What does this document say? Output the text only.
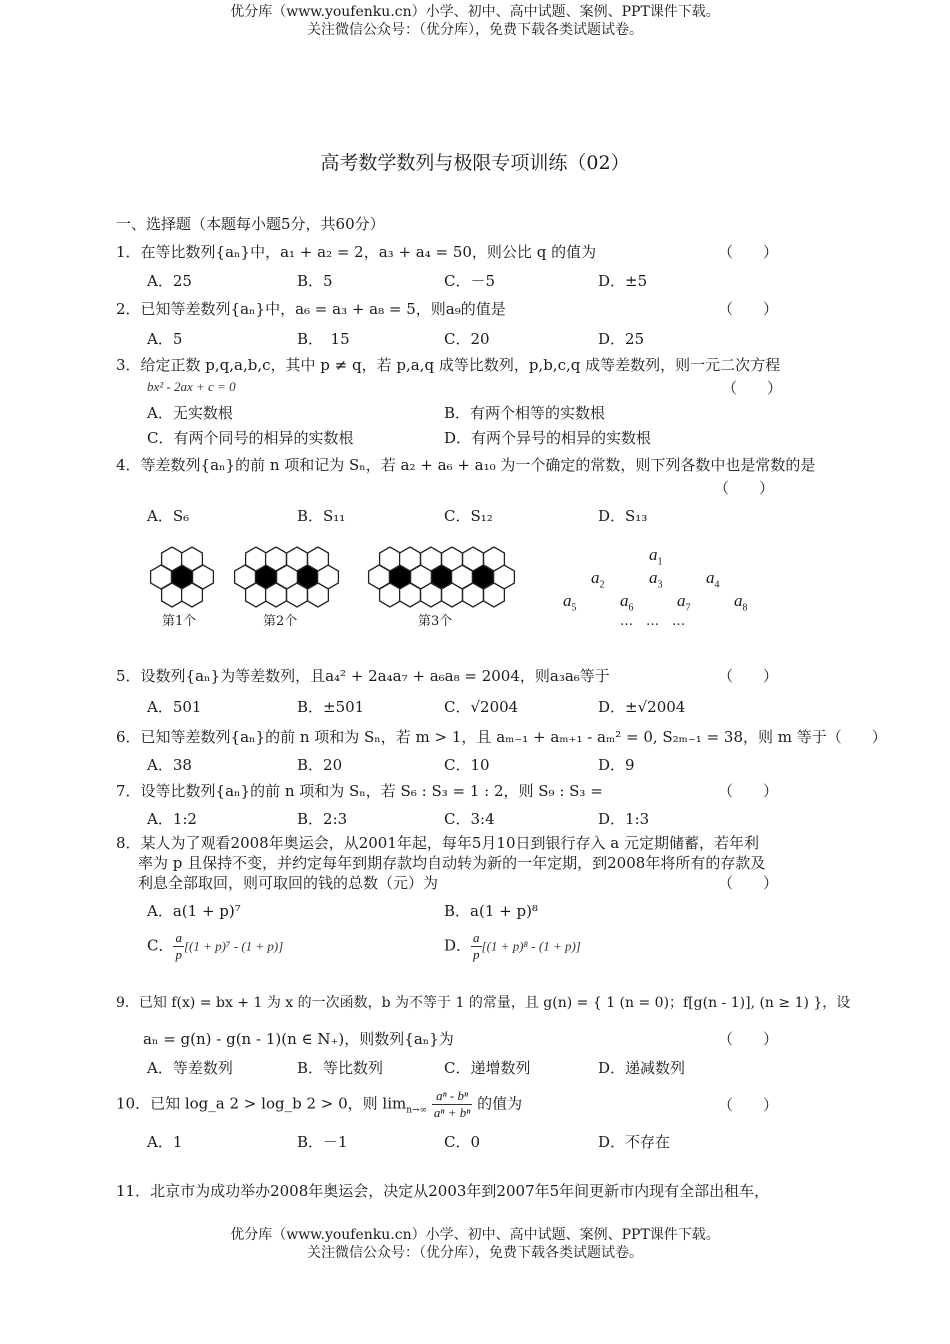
优分库（www.youfenku.cn）小学、初中、高中试题、案例、PPT课件下载。
关注微信公众号：（优分库），免费下载各类试题试卷。
高考数学数列与极限专项训练（02）
一、选择题（本题每小题5分，共60分）
1．在等比数列{aₙ}中，a₁ + a₂ = 2，a₃ + a₄ = 50，则公比 q 的值为	（　　）
A．25	B．5	C．－5	D．±5
2．已知等差数列{aₙ}中，a₆ = a₃ + a₈ = 5，则a₉的值是	（　　）
A．5	B．　15	C．20	D．25
3．给定正数 p,q,a,b,c，其中 p ≠ q，若 p,a,q 成等比数列，p,b,c,q 成等差数列，则一元二次方程
bx² - 2ax + c = 0	（　　）
A．无实数根	B．有两个相等的实数根
C．有两个同号的相异的实数根	D．有两个异号的相异的实数根
4．等差数列{aₙ}的前 n 项和记为 Sₙ，若 a₂ + a₆ + a₁₀ 为一个确定的常数，则下列各数中也是常数的是
（　　）
A．S₆	B．S₁₁	C．S₁₂	D．S₁₃
第1个	第2个	第3个
$a_1$
$a_2$	$a_3$	$a_4$
$a_5$	$a_6$	$a_7$	$a_8$
…　…　…
5．设数列{aₙ}为等差数列，且a₄² + 2a₄a₇ + a₆a₈ = 2004，则a₃a₆等于	（　　）
A．501	B．±501	C．√2004	D．±√2004
6．已知等差数列{aₙ}的前 n 项和为 Sₙ，若 m > 1，且 aₘ₋₁ + aₘ₊₁ - aₘ² = 0, S₂ₘ₋₁ = 38，则 m 等于（　　）
A．38	B．20	C．10	D．9
7．设等比数列{aₙ}的前 n 项和为 Sₙ，若 S₆ : S₃ = 1 : 2，则 S₉ : S₃ =	（　　）
A．1:2	B．2:3	C．3:4	D．1:3
8．某人为了观看2008年奥运会，从2001年起，每年5月10日到银行存入 a 元定期储蓄，若年利
率为 p 且保持不变，并约定每年到期存款均自动转为新的一年定期，到2008年将所有的存款及
利息全部取回，则可取回的钱的总数（元）为	（　　）
A．a(1 + p)⁷	B．a(1 + p)⁸
C． $\frac{a}{p} [(1 + p)^7 - (1 + p)]$	D． $\frac{a}{p} [(1 + p)^8 - (1 + p)]$
9．已知 f(x) = bx + 1 为 x 的一次函数，b 为不等于 1 的常量，且 g(n) = { 1 (n = 0)；f[g(n - 1)], (n ≥ 1) }，设
aₙ = g(n) - g(n - 1)(n ∈ N₊)，则数列{aₙ}为	（　　）
A．等差数列	B．等比数列	C．递增数列	D．递减数列
10．已知 log_a 2 > log_b 2 > 0，则 $\lim_{n\to\infty} \frac{\text{aⁿ - bⁿ}}{\text{aⁿ + bⁿ}}$ 的值为	（　　）
A．1	B．－1	C．0	D．不存在
11．北京市为成功举办2008年奥运会，决定从2003年到2007年5年间更新市内现有全部出租车，
优分库（www.youfenku.cn）小学、初中、高中试题、案例、PPT课件下载。
关注微信公众号：（优分库），免费下载各类试题试卷。
